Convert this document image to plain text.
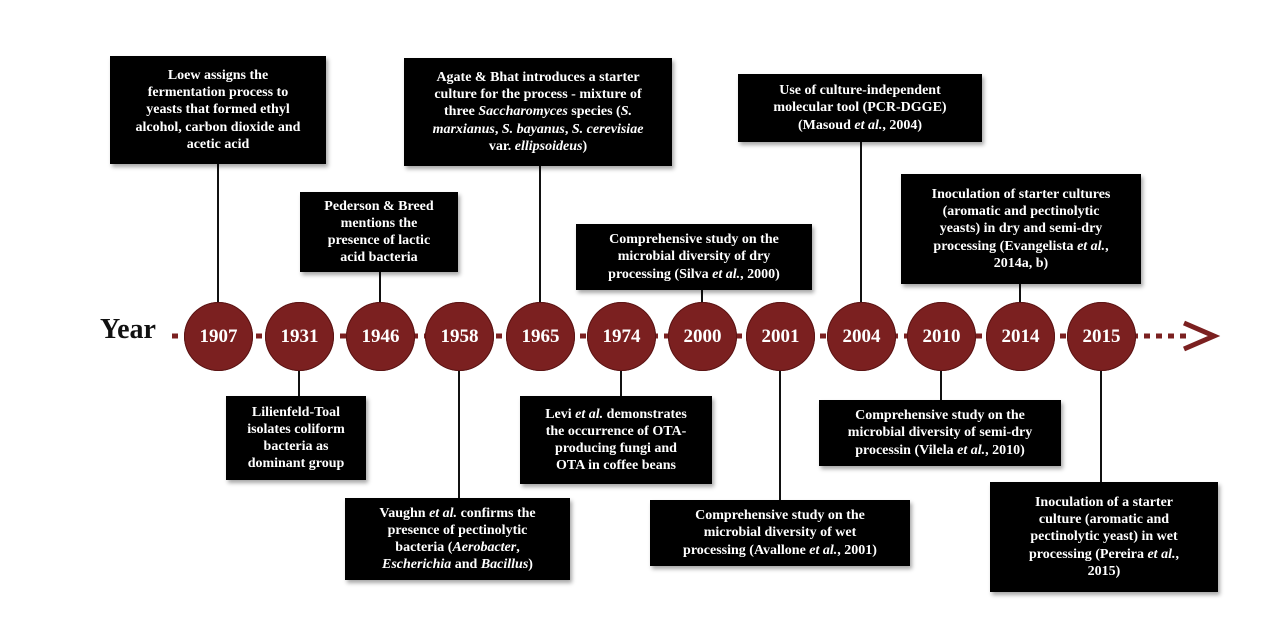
Year	1907	1931	1946	1958	1965	1974	2000	2001	2004	2010	2014	2015
Loew assigns the
fermentation process to
yeasts that formed ethyl
alcohol, carbon dioxide and
acetic acid
Lilienfeld-Toal
isolates coliform
bacteria as
dominant group
Pederson & Breed
mentions the
presence of lactic
acid bacteria
Vaughn et al. confirms the
presence of pectinolytic
bacteria (Aerobacter,
Escherichia and Bacillus)
Agate & Bhat introduces a starter
culture for the process - mixture of
three Saccharomyces species (S.
marxianus, S. bayanus, S. cerevisiae
var. ellipsoideus)
Levi et al. demonstrates
the occurrence of OTA-
producing fungi and
OTA in coffee beans
Comprehensive study on the
microbial diversity of dry
processing (Silva et al., 2000)
Comprehensive study on the
microbial diversity of wet
processing (Avallone et al., 2001)
Use of culture-independent
molecular tool (PCR-DGGE)
(Masoud et al., 2004)
Comprehensive study on the
microbial diversity of semi-dry
processin (Vilela et al., 2010)
Inoculation of starter cultures
(aromatic and pectinolytic
yeasts) in dry and semi-dry
processing (Evangelista et al.,
2014a, b)
Inoculation of a starter
culture (aromatic and
pectinolytic yeast) in wet
processing (Pereira et al.,
2015)
